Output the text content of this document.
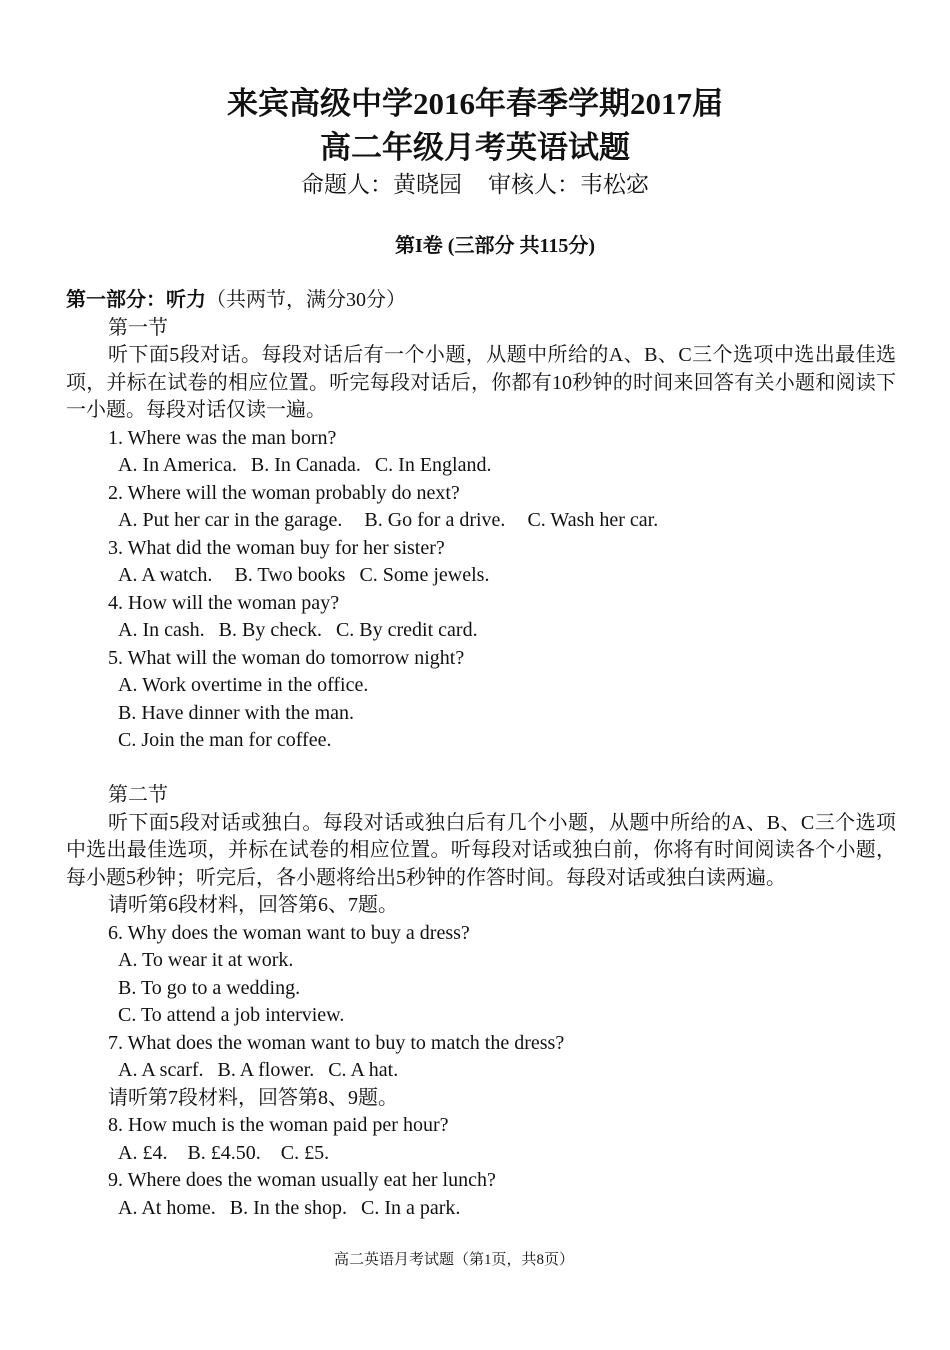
来宾高级中学2016年春季学期2017届
高二年级月考英语试题
命题人：黄晓园 审核人：韦松宓
第I卷 (三部分 共115分)
第一部分：听力（共两节，满分30分）
第一节
听下面5段对话。每段对话后有一个小题，从题中所给的A、B、C三个选项中选出最佳选项，并标在试卷的相应位置。听完每段对话后，你都有10秒钟的时间来回答有关小题和阅读下一小题。每段对话仅读一遍。
1. Where was the man born?
A. In America. B. In Canada. C. In England.
2. Where will the woman probably do next?
A. Put her car in the garage. B. Go for a drive. C. Wash her car.
3. What did the woman buy for her sister?
A. A watch. B. Two books C. Some jewels.
4. How will the woman pay?
A. In cash. B. By check. C. By credit card.
5. What will the woman do tomorrow night?
A. Work overtime in the office.
B. Have dinner with the man.
C. Join the man for coffee.
第二节
听下面5段对话或独白。每段对话或独白后有几个小题，从题中所给的A、B、C三个选项中选出最佳选项，并标在试卷的相应位置。听每段对话或独白前，你将有时间阅读各个小题，每小题5秒钟；听完后，各小题将给出5秒钟的作答时间。每段对话或独白读两遍。
请听第6段材料，回答第6、7题。
6. Why does the woman want to buy a dress?
A. To wear it at work.
B. To go to a wedding.
C. To attend a job interview.
7. What does the woman want to buy to match the dress?
A. A scarf. B. A flower. C. A hat.
请听第7段材料，回答第8、9题。
8. How much is the woman paid per hour?
A. £4. B. £4.50. C. £5.
9. Where does the woman usually eat her lunch?
A. At home. B. In the shop. C. In a park.
高二英语月考试题（第1页，共8页）
